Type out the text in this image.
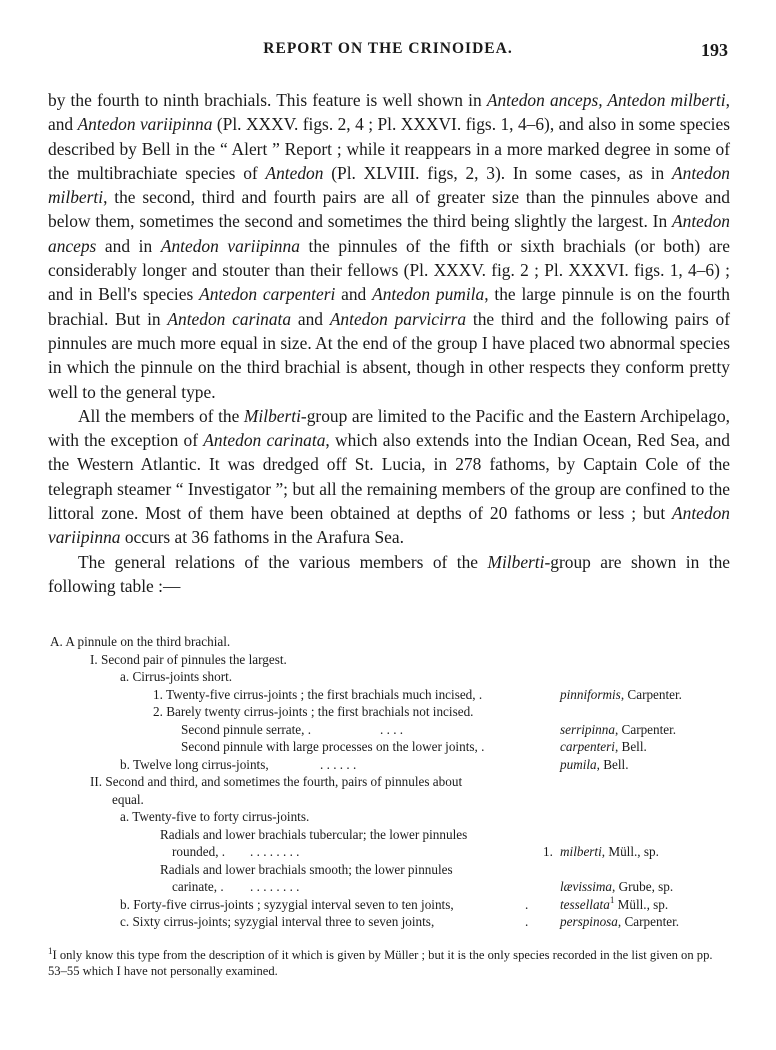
REPORT ON THE CRINOIDEA.	193

by the fourth to ninth brachials. This feature is well shown in Antedon anceps, Antedon milberti, and Antedon variipinna (Pl. XXXV. figs. 2, 4 ; Pl. XXXVI. figs. 1, 4–6), and also in some species described by Bell in the “ Alert ” Report ; while it reappears in a more marked degree in some of the multibrachiate species of Antedon (Pl. XLVIII. figs, 2, 3). In some cases, as in Antedon milberti, the second, third and fourth pairs are all of greater size than the pinnules above and below them, sometimes the second and sometimes the third being slightly the largest. In Antedon anceps and in Antedon variipinna the pinnules of the fifth or sixth brachials (or both) are considerably longer and stouter than their fellows (Pl. XXXV. fig. 2 ; Pl. XXXVI. figs. 1, 4–6) ; and in Bell's species Antedon carpenteri and Antedon pumila, the large pinnule is on the fourth brachial. But in Antedon carinata and Antedon parvicirra the third and the following pairs of pinnules are much more equal in size. At the end of the group I have placed two abnormal species in which the pinnule on the third brachial is absent, though in other respects they conform pretty well to the general type.

All the members of the Milberti-group are limited to the Pacific and the Eastern Archipelago, with the exception of Antedon carinata, which also extends into the Indian Ocean, Red Sea, and the Western Atlantic. It was dredged off St. Lucia, in 278 fathoms, by Captain Cole of the telegraph steamer “ Investigator ”; but all the remaining members of the group are confined to the littoral zone. Most of them have been obtained at depths of 20 fathoms or less ; but Antedon variipinna occurs at 36 fathoms in the Arafura Sea.

The general relations of the various members of the Milberti-group are shown in the following table :—

A. A pinnule on the third brachial.
I. Second pair of pinnules the largest.
a. Cirrus-joints short.
1. Twenty-five cirrus-joints ; the first brachials much incised, .	pinniformis, Carpenter.
2. Barely twenty cirrus-joints ; the first brachials not incised.
Second pinnule serrate, .	. . . .	serripinna, Carpenter.
Second pinnule with large processes on the lower joints, .	carpenteri, Bell.
b. Twelve long cirrus-joints,	. . . . . .	pumila, Bell.
II. Second and third, and sometimes the fourth, pairs of pinnules about
equal.
a. Twenty-five to forty cirrus-joints.
Radials and lower brachials tubercular; the lower pinnules
rounded, . . . . . . . . .	1. milberti, Müll., sp.
Radials and lower brachials smooth; the lower pinnules
carinate, . . . . . . . . .	lævissima, Grube, sp.
b. Forty-five cirrus-joints ; syzygial interval seven to ten joints,	. tessellata$^1$ Müll., sp.
c. Sixty cirrus-joints; syzygial interval three to seven joints,	. perspinosa, Carpenter.
$^1$I only know this type from the description of it which is given by Müller ; but it is the only species recorded in the list given on pp. 53–55 which I have not personally examined.
